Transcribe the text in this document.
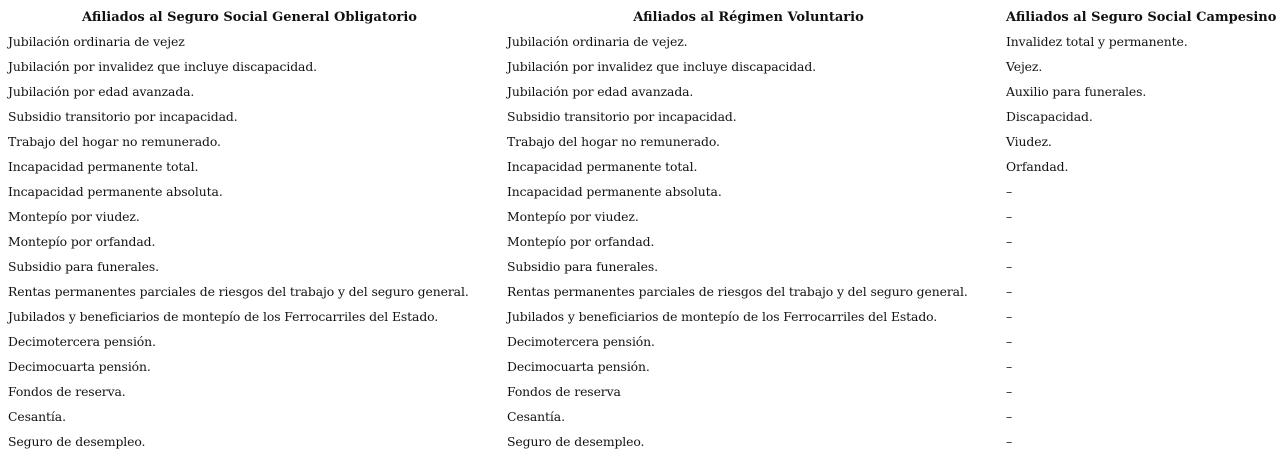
Afiliados al Seguro Social General Obligatorio	Afiliados al Régimen Voluntario	Afiliados al Seguro Social Campesino
Jubilación ordinaria de vejez	Jubilación ordinaria de vejez.	Invalidez total y permanente.
Jubilación por invalidez que incluye discapacidad.	Jubilación por invalidez que incluye discapacidad.	Vejez.
Jubilación por edad avanzada.	Jubilación por edad avanzada.	Auxilio para funerales.
Subsidio transitorio por incapacidad.	Subsidio transitorio por incapacidad.	Discapacidad.
Trabajo del hogar no remunerado.	Trabajo del hogar no remunerado.	Viudez.
Incapacidad permanente total.	Incapacidad permanente total.	Orfandad.
Incapacidad permanente absoluta.	Incapacidad permanente absoluta.	–
Montepío por viudez.	Montepío por viudez.	–
Montepío por orfandad.	Montepío por orfandad.	–
Subsidio para funerales.	Subsidio para funerales.	–
Rentas permanentes parciales de riesgos del trabajo y del seguro general.	Rentas permanentes parciales de riesgos del trabajo y del seguro general.	–
Jubilados y beneficiarios de montepío de los Ferrocarriles del Estado.	Jubilados y beneficiarios de montepío de los Ferrocarriles del Estado.	–
Decimotercera pensión.	Decimotercera pensión.	–
Decimocuarta pensión.	Decimocuarta pensión.	–
Fondos de reserva.	Fondos de reserva	–
Cesantía.	Cesantía.	–
Seguro de desempleo.	Seguro de desempleo.	–
